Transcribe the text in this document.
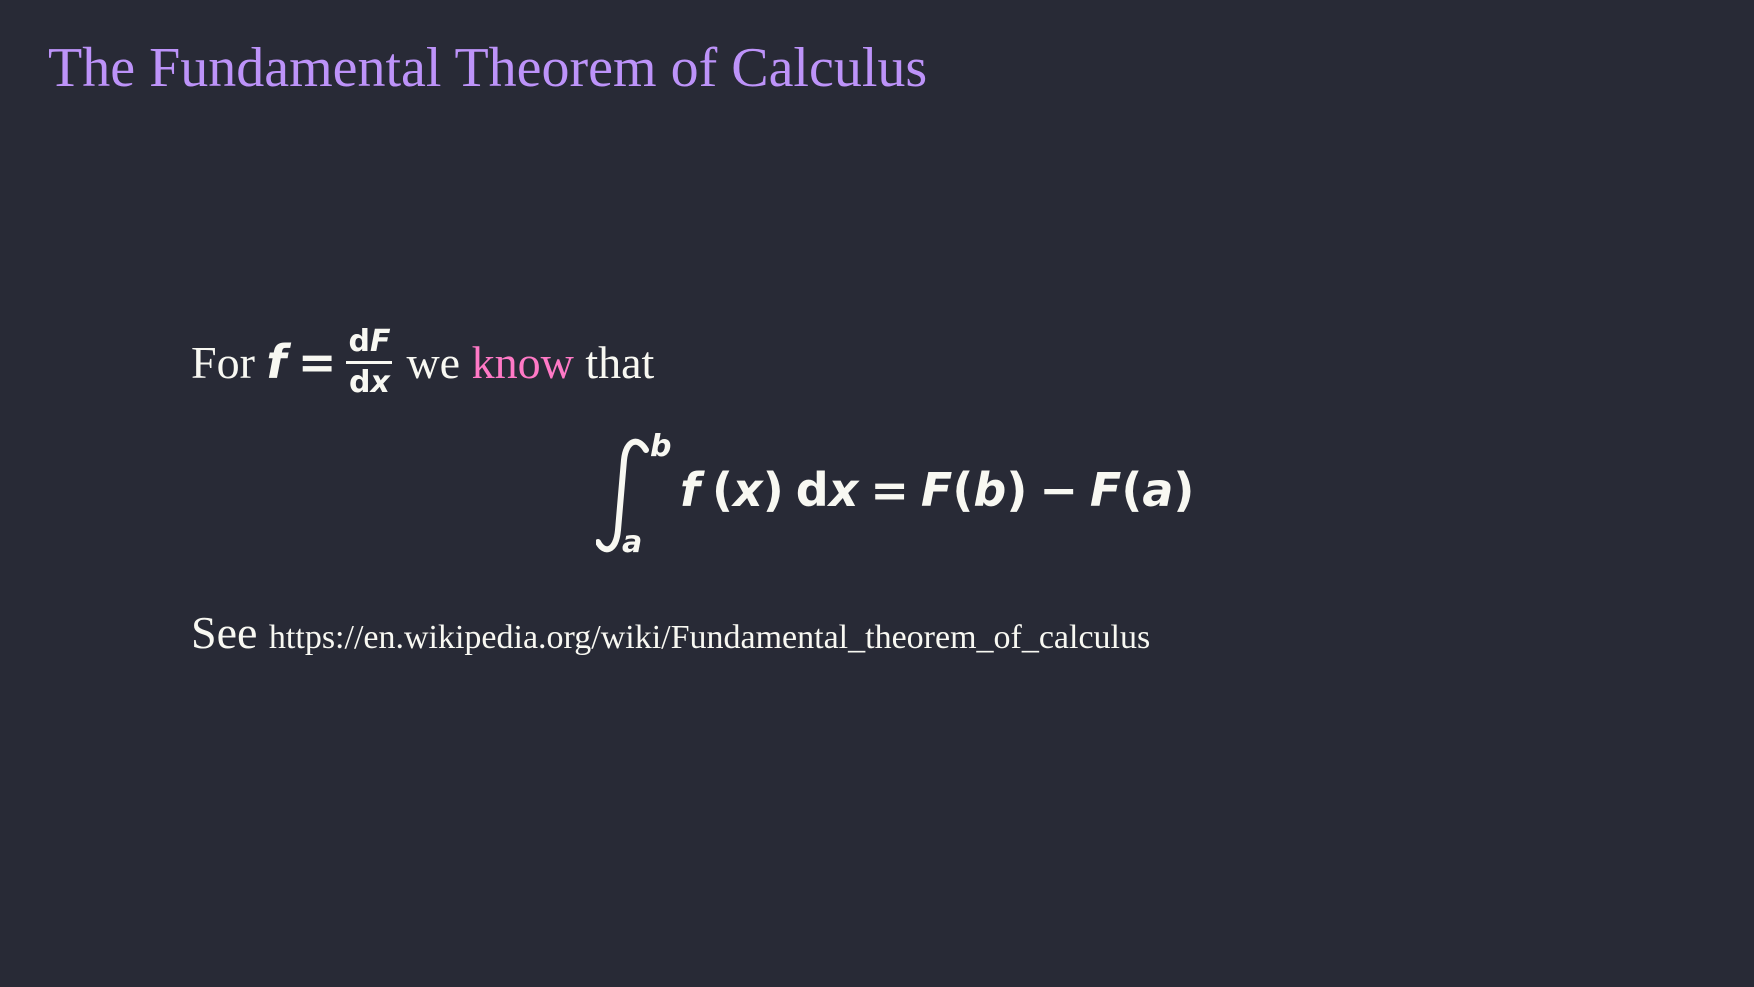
The Fundamental Theorem of Calculus
For
f
= $\frac{dF}{dx}$ we
know
that
b
a
f (x) dx = F(b) − F(a)
See https://en.wikipedia.org/wiki/Fundamental_theorem_of_calculus
